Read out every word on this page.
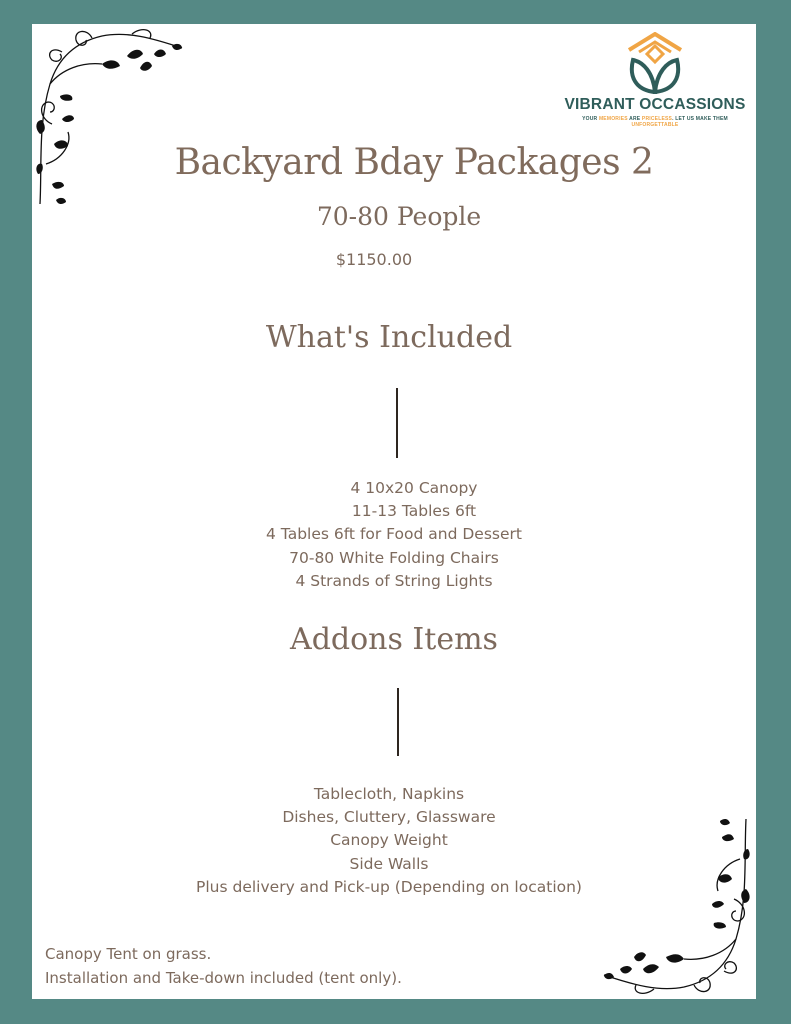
VIBRANT OCCASSIONS
YOUR MEMORIES ARE PRICELESS. LET US MAKE THEM UNFORGETTABLE
Backyard Bday Packages 2
70-80 People
$1150.00
What's Included
4 10x20 Canopy
11-13 Tables 6ft
4 Tables 6ft for Food and Dessert
70-80 White Folding Chairs
4 Strands of String Lights
Addons Items
Tablecloth, Napkins
Dishes, Cluttery, Glassware
Canopy Weight
Side Walls
Plus delivery and Pick-up (Depending on location)
Canopy Tent on grass.
Installation and Take-down included (tent only).
